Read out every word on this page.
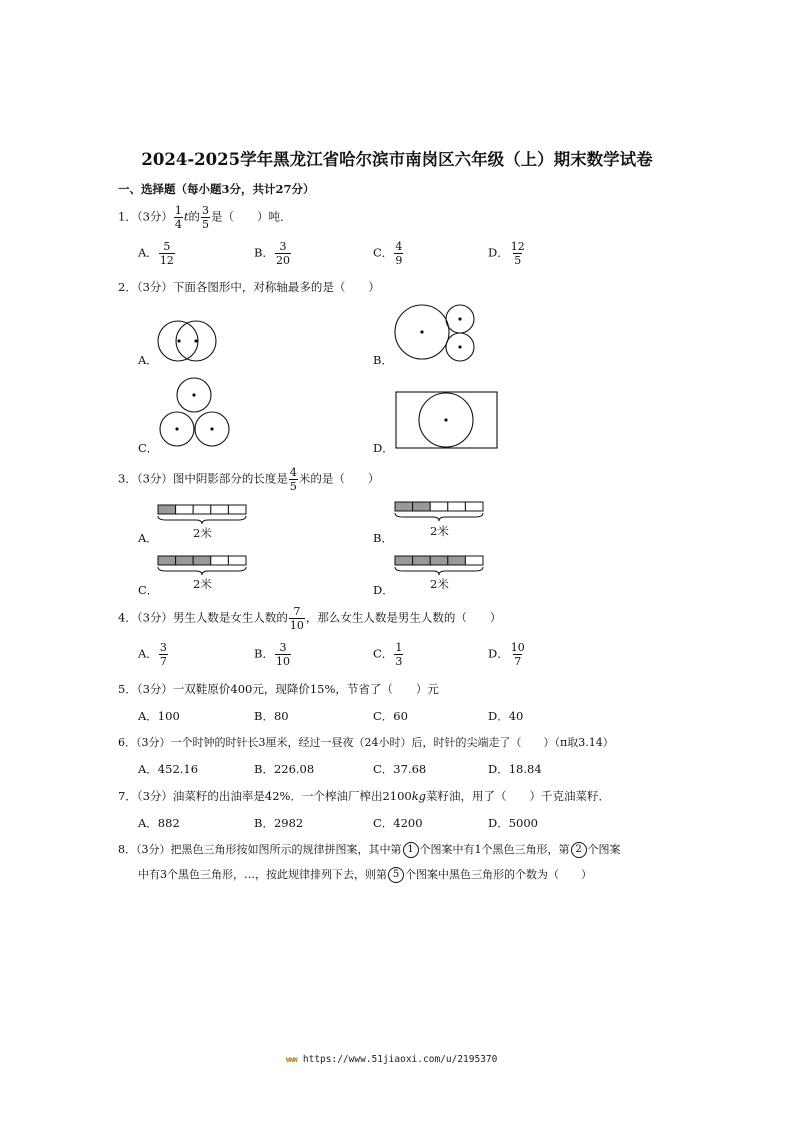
2024-2025学年黑龙江省哈尔滨市南岗区六年级（上）期末数学试卷
一、选择题（每小题3分，共计27分）
1．（3分） $\frac{1}{4}$ t的 $\frac{3}{5}$ 是（　　）吨．
A． $\frac{5}{12}$	B． $\frac{3}{20}$	C． $\frac{4}{9}$	D． $\frac{12}{5}$
2．（3分）下面各图形中，对称轴最多的是（　　）
A．	B．
C．	D．
3．（3分）图中阴影部分的长度是 $\frac{4}{5}$ 米的是（　　）
A．	B．
C．	D．
2米	2米
2米	2米
4．（3分）男生人数是女生人数的 $\frac{7}{10}$ ，那么女生人数是男生人数的（　　）
A． $\frac{3}{7}$	B． $\frac{3}{10}$	C． $\frac{1}{3}$	D． $\frac{10}{7}$
5．（3分）一双鞋原价400元，现降价15%，节省了（　　）元
A．100	B．80	C．60	D．40
6．（3分）一个时钟的时针长3厘米，经过一昼夜（24小时）后，时针的尖端走了（　　）（π取3.14）
A．452.16	B．226.08	C．37.68	D．18.84
7．（3分）油菜籽的出油率是42%．一个榨油厂榨出2100kg菜籽油，用了（　　）千克油菜籽．
A．882	B．2982	C．4200	D．5000
8．（3分）把黑色三角形按如图所示的规律拼图案，其中第 1 个图案中有1个黑色三角形，第 2 个图案
中有3个黑色三角形，…，按此规律排列下去，则第 5 个图案中黑色三角形的个数为（　　）
WWW https://www.51jiaoxi.com/u/2195370
